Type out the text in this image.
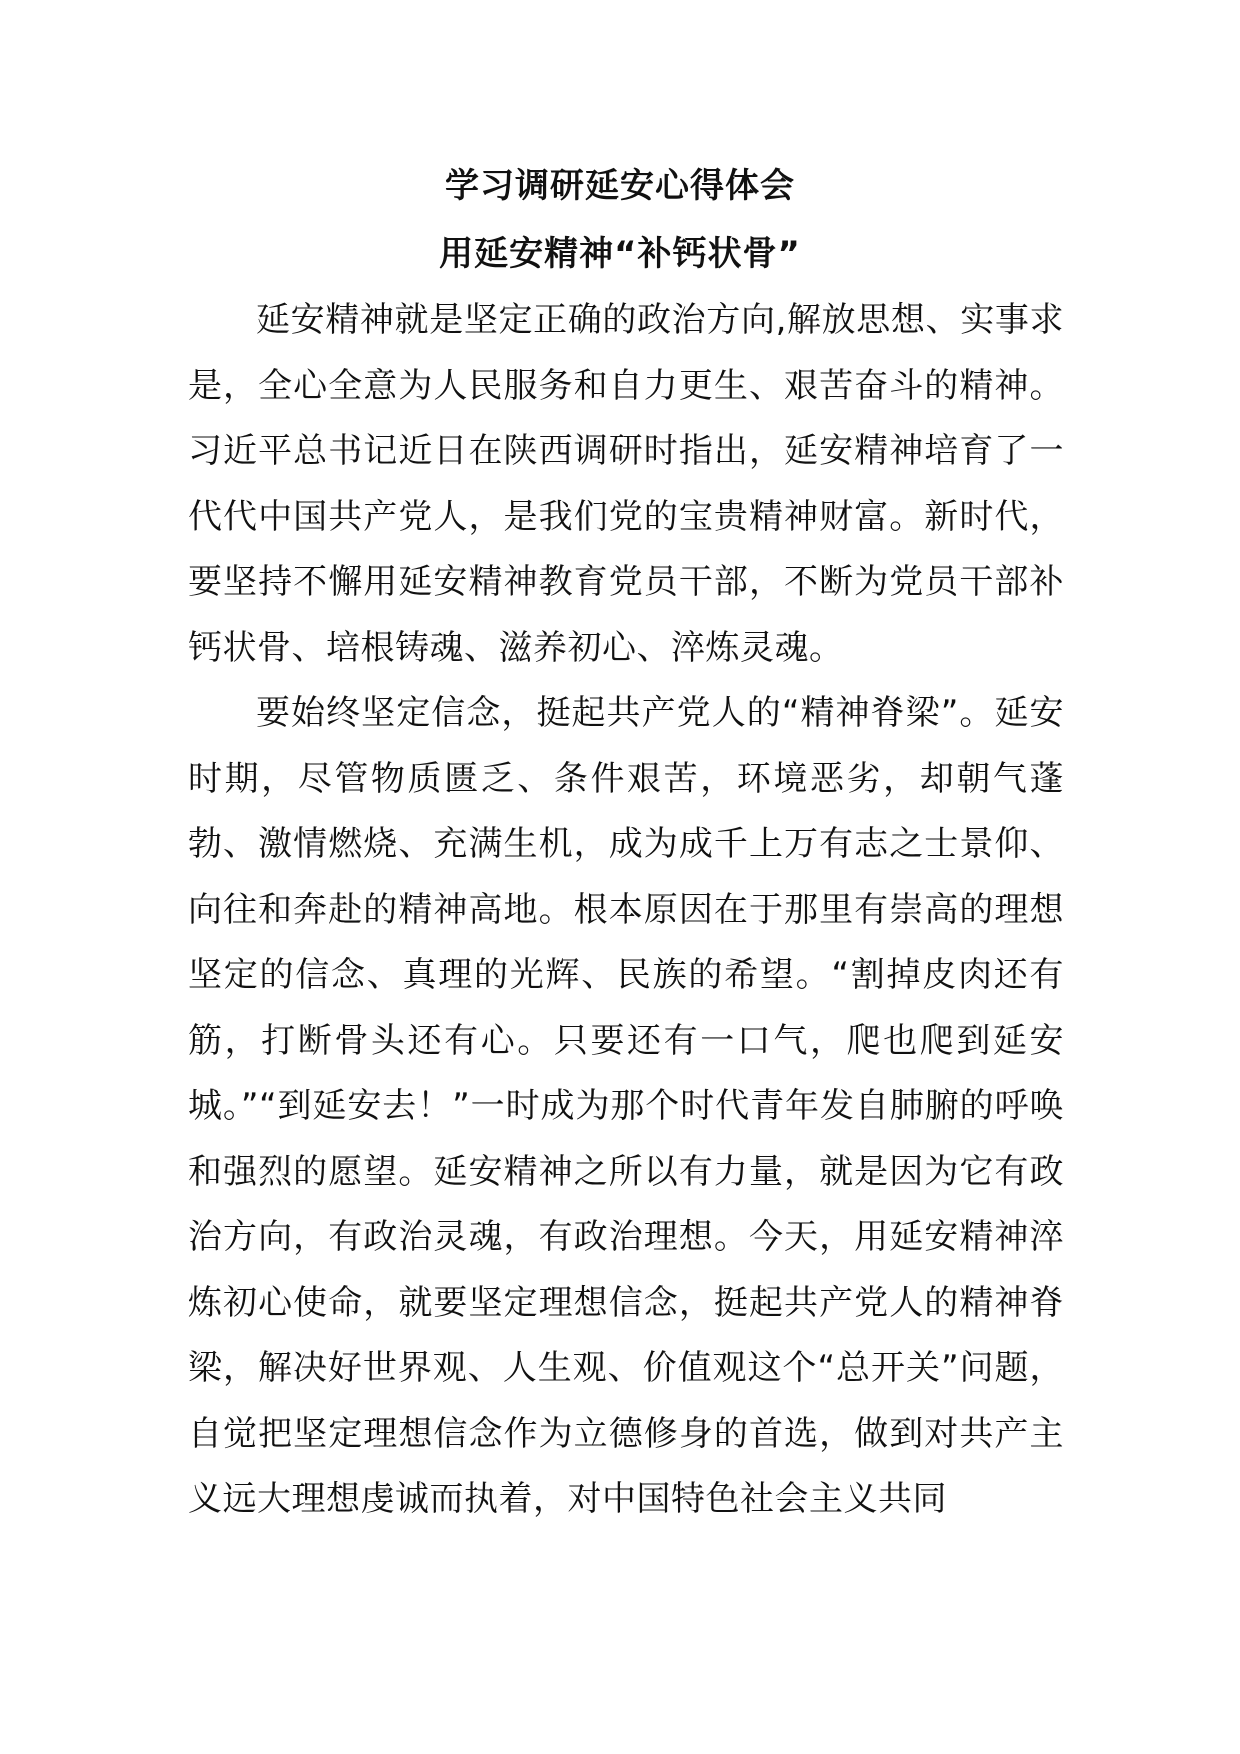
学习调研延安心得体会
用延安精神“补钙状骨”

延安精神就是坚定正确的政治方向,解放思想、实事求是，全心全意为人民服务和自力更生、艰苦奋斗的精神。习近平总书记近日在陕西调研时指出，延安精神培育了一代代中国共产党人，是我们党的宝贵精神财富。新时代，要坚持不懈用延安精神教育党员干部，不断为党员干部补钙状骨、培根铸魂、滋养初心、淬炼灵魂。

要始终坚定信念，挺起共产党人的“精神脊梁”。延安时期，尽管物质匮乏、条件艰苦，环境恶劣，却朝气蓬勃、激情燃烧、充满生机，成为成千上万有志之士景仰、向往和奔赴的精神高地。根本原因在于那里有崇高的理想坚定的信念、真理的光辉、民族的希望。“割掉皮肉还有筋，打断骨头还有心。只要还有一口气，爬也爬到延安城。”“到延安去！”一时成为那个时代青年发自肺腑的呼唤和强烈的愿望。延安精神之所以有力量，就是因为它有政治方向，有政治灵魂，有政治理想。今天，用延安精神淬炼初心使命，就要坚定理想信念，挺起共产党人的精神脊梁，解决好世界观、人生观、价值观这个“总开关”问题，自觉把坚定理想信念作为立德修身的首选，做到对共产主义远大理想虔诚而执着，对中国特色社会主义共同
